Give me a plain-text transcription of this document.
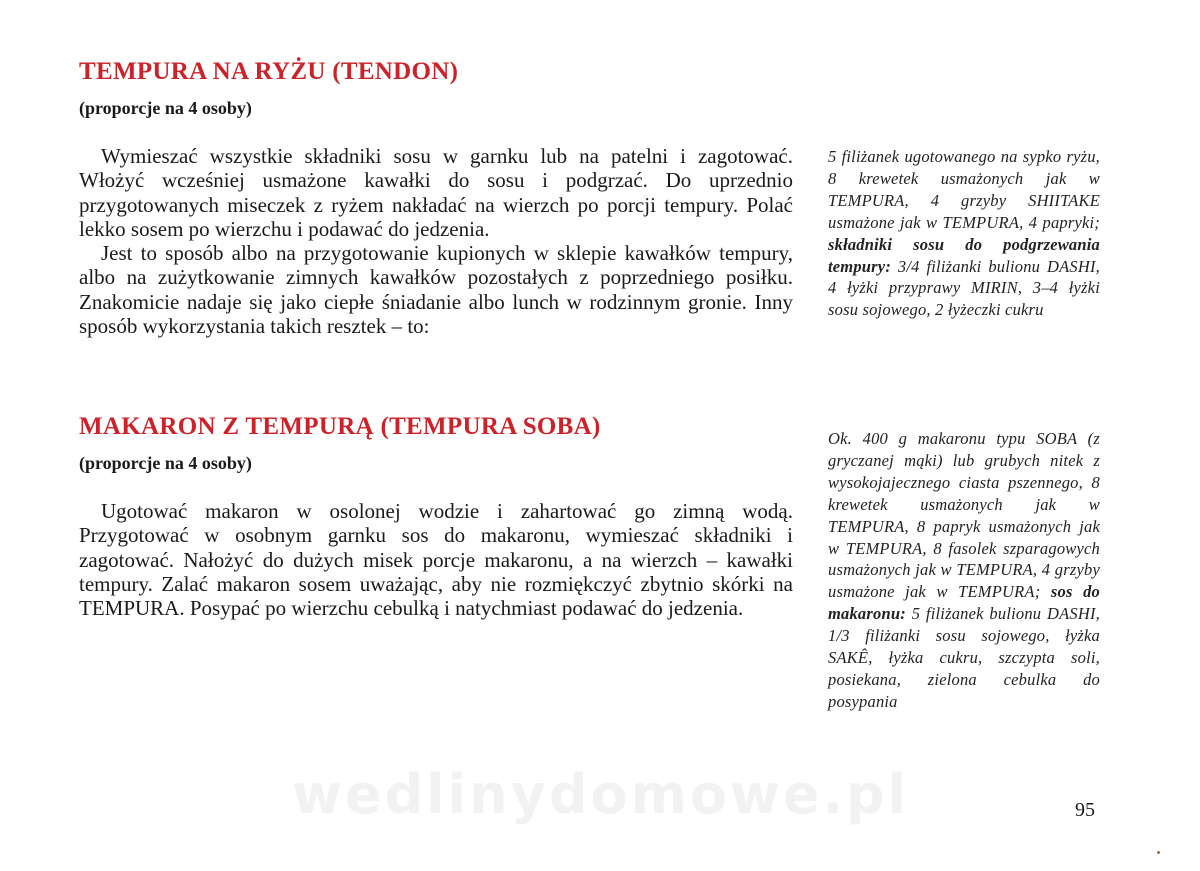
wedlinydomowe.pl
TEMPURA NA RYŻU (TENDON)
(proporcje na 4 osoby)

Wymieszać wszystkie składniki sosu w garnku lub na patelni i zagotować. Włożyć wcześniej usmażone kawałki do sosu i podgrzać. Do uprzednio przygotowanych miseczek z ryżem nakładać na wierzch po porcji tempury. Polać lekko sosem po wierzchu i podawać do jedzenia.

Jest to sposób albo na przygotowanie kupionych w sklepie kawałków tempury, albo na zużytkowanie zimnych kawałków pozostałych z poprzedniego posiłku. Znakomicie nadaje się jako ciepłe śniadanie albo lunch w rodzinnym gronie. Inny sposób wykorzystania takich resztek – to:

5 filiżanek ugotowanego na sypko ryżu, 8 krewetek usmażonych jak w TEMPURA, 4 grzyby SHIITAKE usmażone jak w TEMPURA, 4 papryki; składniki sosu do podgrzewania tempury: 3/4 filiżanki bulionu DASHI, 4 łyżki przyprawy MIRIN, 3–4 łyżki sosu sojowego, 2 łyżeczki cukru
MAKARON Z TEMPURĄ (TEMPURA SOBA)
(proporcje na 4 osoby)

Ugotować makaron w osolonej wodzie i zahartować go zimną wodą. Przygotować w osobnym garnku sos do makaronu, wymieszać składniki i zagotować. Nałożyć do dużych misek porcje makaronu, a na wierzch – kawałki tempury. Zalać makaron sosem uważając, aby nie rozmiękczyć zbytnio skórki na TEMPURA. Posypać po wierzchu cebulką i natychmiast podawać do jedzenia.

Ok. 400 g makaronu typu SOBA (z gryczanej mąki) lub grubych nitek z wysokojajecznego ciasta pszennego, 8 krewetek usmażonych jak w TEMPURA, 8 papryk usmażonych jak w TEMPURA, 8 fasolek szparagowych usmażonych jak w TEMPURA, 4 grzyby usmażone jak w TEMPURA; sos do makaronu: 5 filiżanek bulionu DASHI, 1/3 filiżanki sosu sojowego, łyżka SAKÊ, łyżka cukru, szczypta soli, posiekana, zielona cebulka do posypania
95
